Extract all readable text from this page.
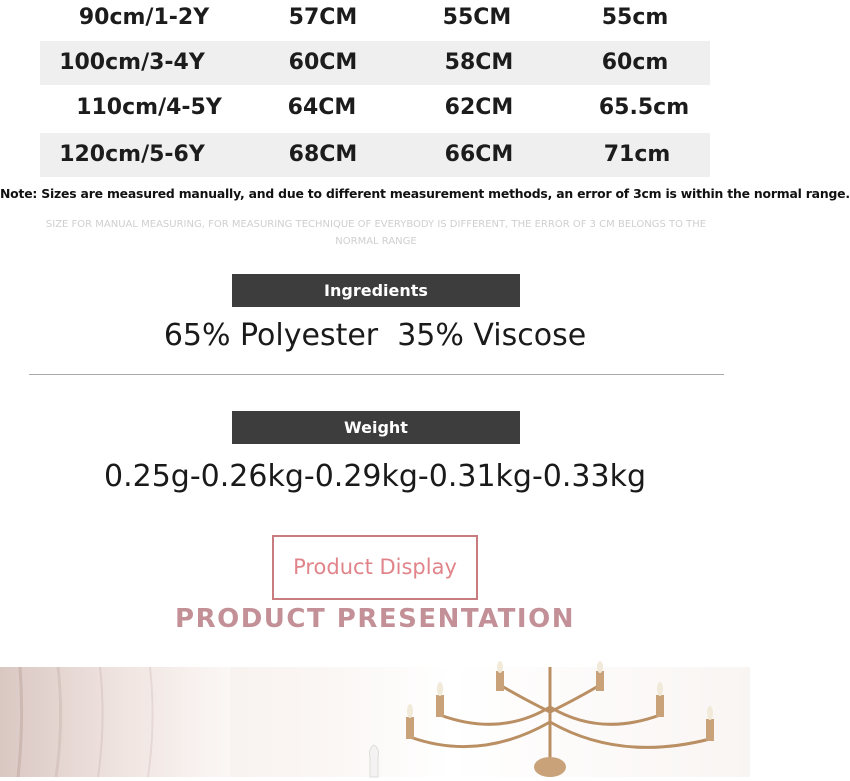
90cm/1-2Y	57CM	55CM	55cm
100cm/3-4Y	60CM	58CM	60cm
110cm/4-5Y	64CM	62CM	65.5cm
120cm/5-6Y	68CM	66CM	71cm
Note: Sizes are measured manually, and due to different measurement methods, an error of 3cm is within the normal range.
SIZE FOR MANUAL MEASURING, FOR MEASURING TECHNIQUE OF EVERYBODY IS DIFFERENT, THE ERROR OF 3 CM BELONGS TO THE NORMAL RANGE
Ingredients
65% Polyester  35% Viscose
Weight
0.25g-0.26kg-0.29kg-0.31kg-0.33kg
Product Display
PRODUCT PRESENTATION
